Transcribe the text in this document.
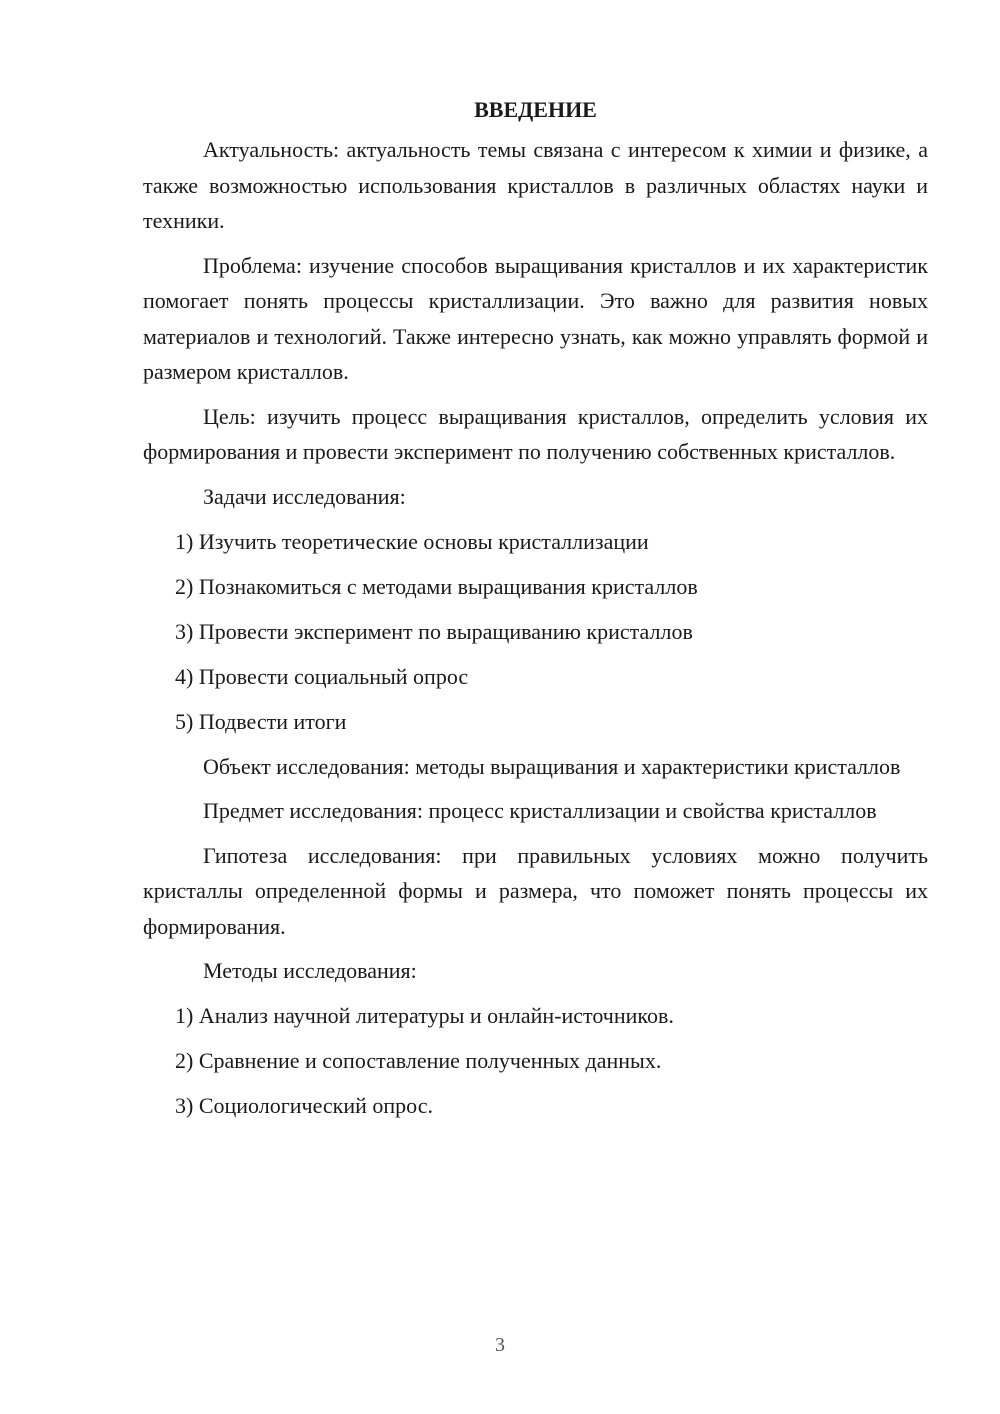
ВВЕДЕНИЕ

Актуальность: актуальность темы связана с интересом к химии и физике, а также возможностью использования кристаллов в различных областях науки и техники.

Проблема: изучение способов выращивания кристаллов и их характеристик помогает понять процессы кристаллизации. Это важно для развития новых материалов и технологий. Также интересно узнать, как можно управлять формой и размером кристаллов.

Цель: изучить процесс выращивания кристаллов, определить условия их формирования и провести эксперимент по получению собственных кристаллов.

Задачи исследования:

1) Изучить теоретические основы кристаллизации
2) Познакомиться с методами выращивания кристаллов
3) Провести эксперимент по выращиванию кристаллов
4) Провести социальный опрос
5) Подвести итоги

Объект исследования: методы выращивания и характеристики кристаллов

Предмет исследования: процесс кристаллизации и свойства кристаллов

Гипотеза исследования: при правильных условиях можно получить кристаллы определенной формы и размера, что поможет понять процессы их формирования.

Методы исследования:

1) Анализ научной литературы и онлайн-источников.
2) Сравнение и сопоставление полученных данных.
3) Социологический опрос.
3
